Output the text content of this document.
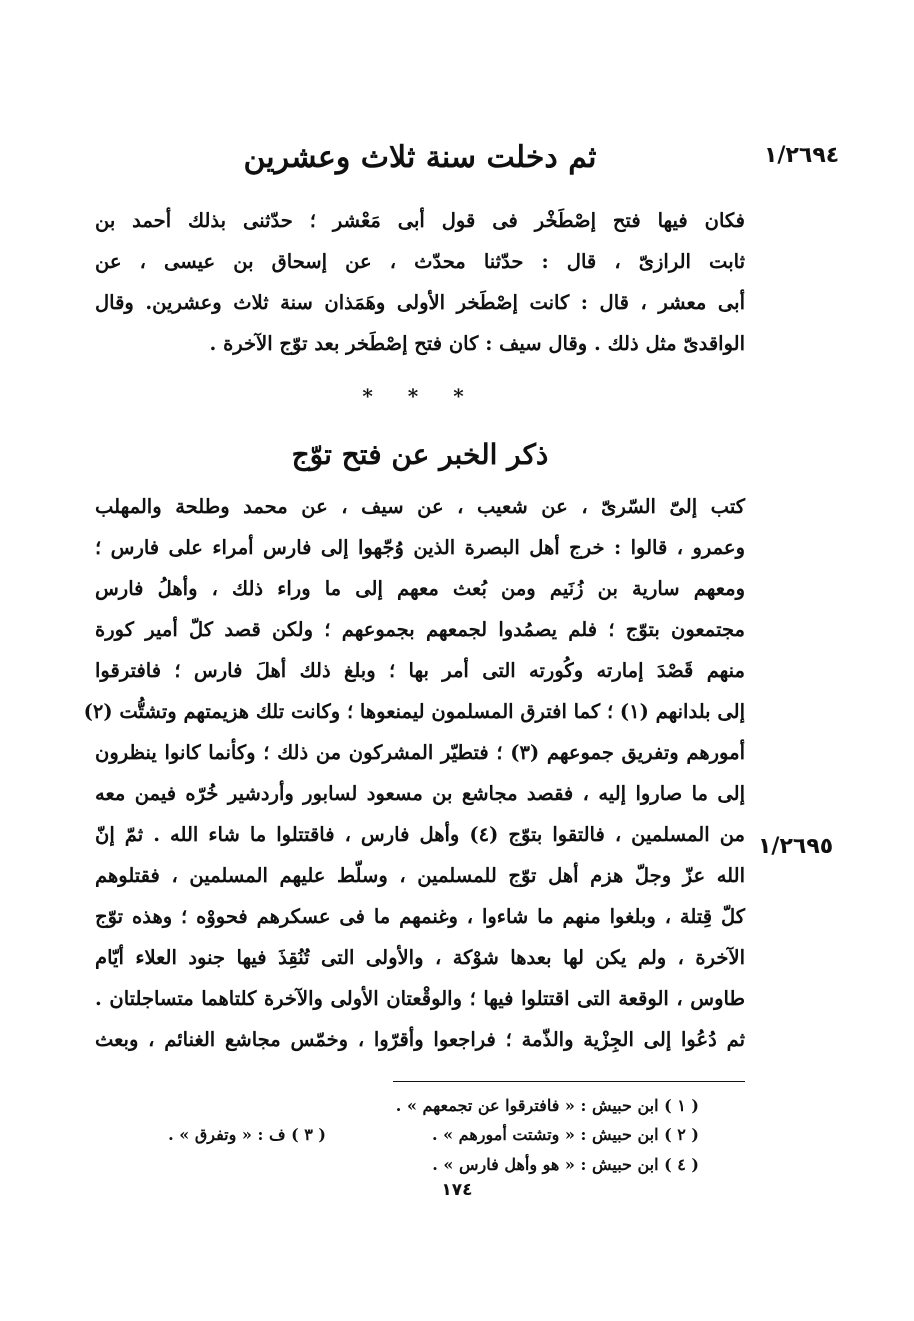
١/٢٦٩٤
ثم دخلت سنة ثلاث وعشرين
فكان فيها فتح إصْطَخْر فى قول أبى مَعْشر ؛ حدّثنى بذلك أحمد بن
ثابت الرازىّ ، قال : حدّثنا محدّث ، عن إسحاق بن عيسى ، عن
أبى معشر ، قال : كانت إصْطَخر الأولى وهَمَذان سنة ثلاث وعشرين. وقال
الواقدىّ مثل ذلك . وقال سيف : كان فتح إصْطَخر بعد توّج الآخرة .
* * *
ذكر الخبر عن فتح توّج
كتب إلىّ السّرىّ ، عن شعيب ، عن سيف ، عن محمد وطلحة والمهلب
وعمرو ، قالوا : خرج أهل البصرة الذين وُجّهوا إلى فارس أمراء على فارس ؛
ومعهم سارية بن زُنَيم ومن بُعث معهم إلى ما وراء ذلك ، وأهلُ فارس
مجتمعون بتوّج ؛ فلم يصمُدوا لجمعهم بجموعهم ؛ ولكن قصد كلّ أمير كورة
منهم قَصْدَ إمارته وكُورته التى أمر بها ؛ وبلغ ذلك أهلَ فارس ؛ فافترقوا
إلى بلدانهم (١) ؛ كما افترق المسلمون ليمنعوها ؛ وكانت تلك هزيمتهم وتشتُّت (٢)
أمورهم وتفريق جموعهم (٣) ؛ فتطيّر المشركون من ذلك ؛ وكأنما كانوا ينظرون
إلى ما صاروا إليه ، فقصد مجاشع بن مسعود لسابور وأردشير خُرّه فيمن معه
من المسلمين ، فالتقوا بتوّج (٤) وأهل فارس ، فاقتتلوا ما شاء الله . ثمّ إنّ
الله عزّ وجلّ هزم أهل توّج للمسلمين ، وسلّط عليهم المسلمين ، فقتلوهم
كلّ قِتلة ، وبلغوا منهم ما شاءوا ، وغنمهم ما فى عسكرهم فحووْه ؛ وهذه توّج
الآخرة ، ولم يكن لها بعدها شوْكة ، والأولى التى تُنُقِذَ فيها جنود العلاء أيّام
طاوس ، الوقعة التى اقتتلوا فيها ؛ والوقْعتان الأولى والآخرة كلتاهما متساجلتان .
ثم دُعُوا إلى الجِزْية والذّمة ؛ فراجعوا وأقرّوا ، وخمّس مجاشع الغنائم ، وبعث
١/٢٦٩٥
( ١ ) ابن حبيش : « فافترقوا عن تجمعهم » .
( ٢ ) ابن حبيش : « وتشتت أمورهم » .
( ٣ ) ف : « وتفرق » .
( ٤ ) ابن حبيش : « هو وأهل فارس » .
١٧٤
